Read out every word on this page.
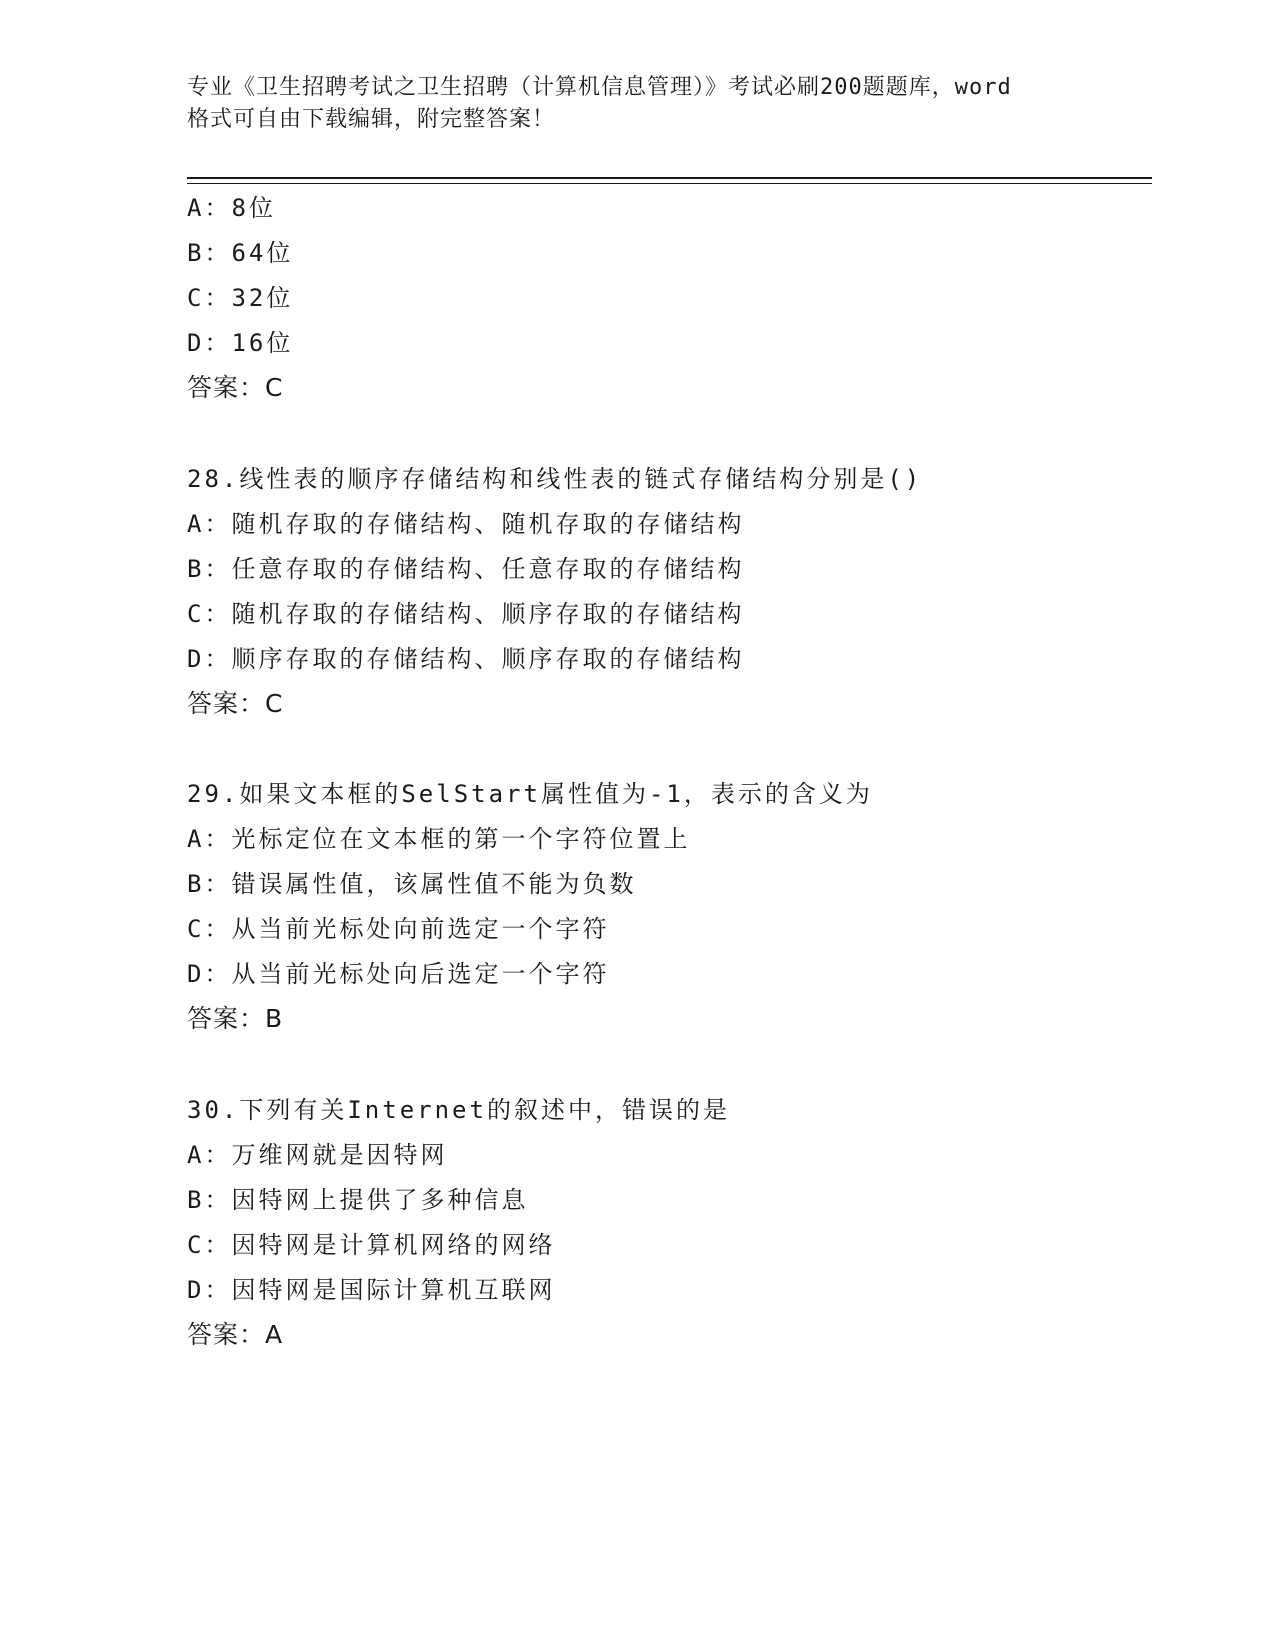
专业《卫生招聘考试之卫生招聘（计算机信息管理）》考试必刷200题题库，word
格式可自由下载编辑，附完整答案！
A：8位
B：64位
C：32位
D：16位
答案：C
28.线性表的顺序存储结构和线性表的链式存储结构分别是()
A：随机存取的存储结构、随机存取的存储结构
B：任意存取的存储结构、任意存取的存储结构
C：随机存取的存储结构、顺序存取的存储结构
D：顺序存取的存储结构、顺序存取的存储结构
答案：C
29.如果文本框的SelStart属性值为-1，表示的含义为
A：光标定位在文本框的第一个字符位置上
B：错误属性值，该属性值不能为负数
C：从当前光标处向前选定一个字符
D：从当前光标处向后选定一个字符
答案：B
30.下列有关Internet的叙述中，错误的是
A：万维网就是因特网
B：因特网上提供了多种信息
C：因特网是计算机网络的网络
D：因特网是国际计算机互联网
答案：A
